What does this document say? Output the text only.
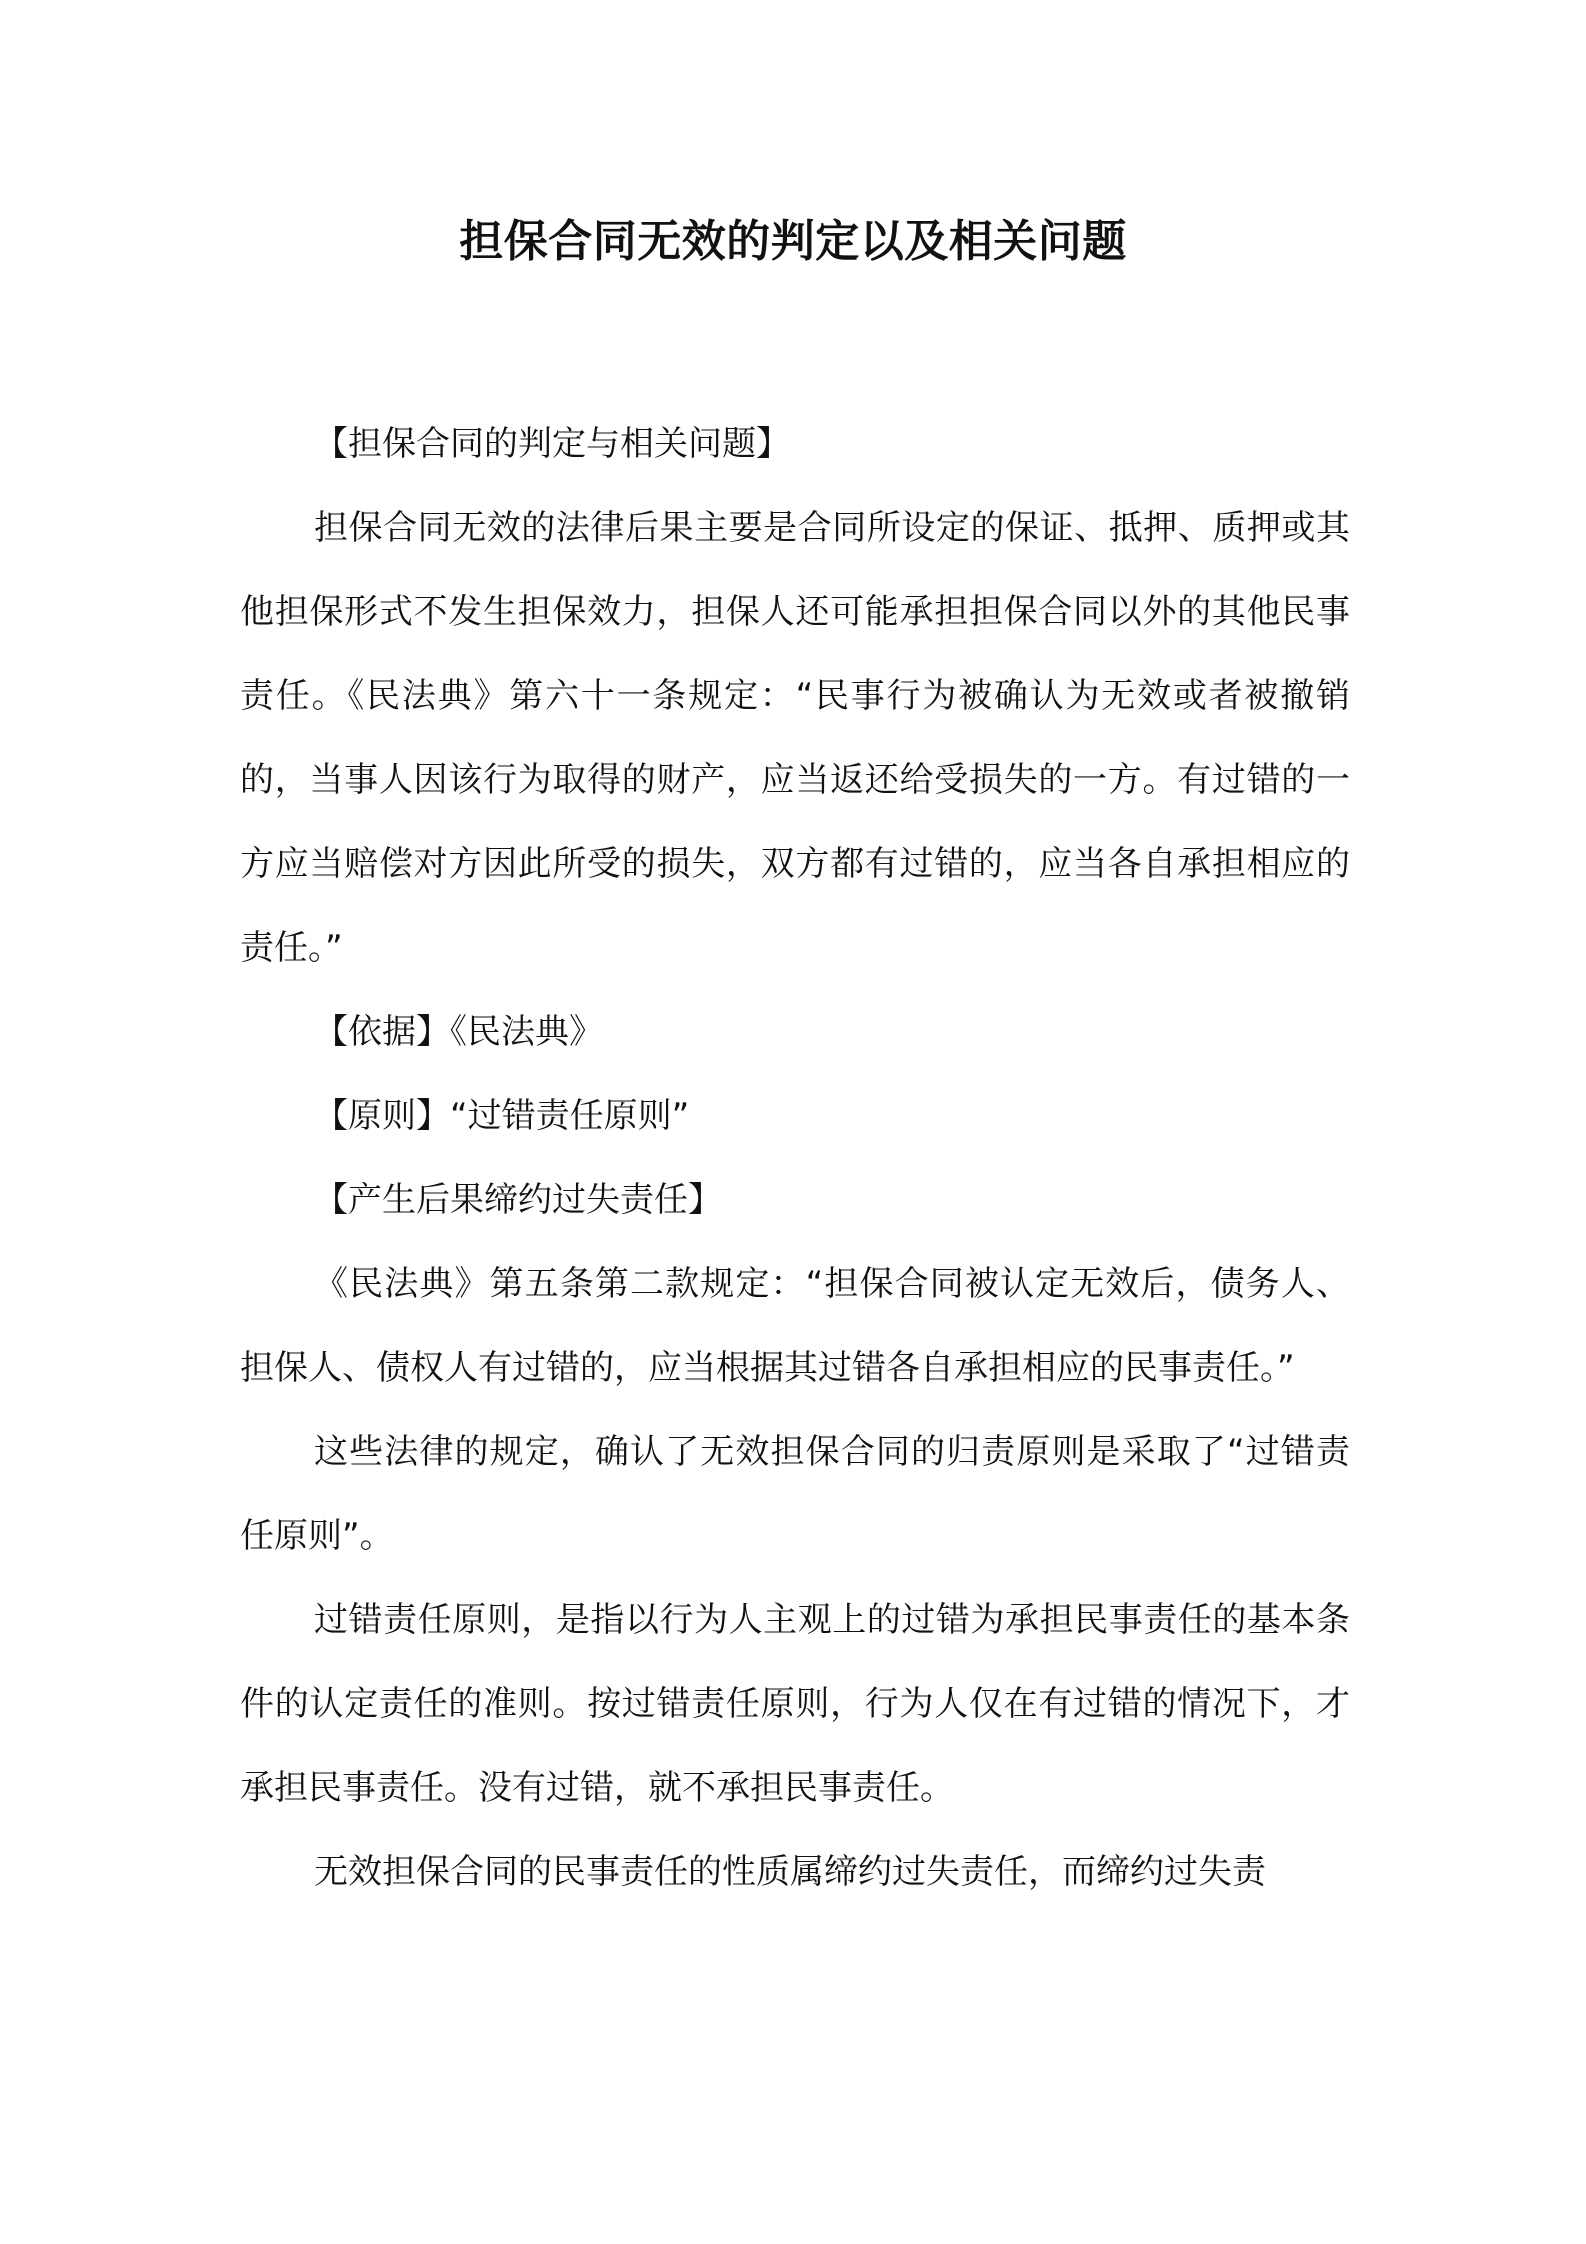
担保合同无效的判定以及相关问题

【担保合同的判定与相关问题】

担保合同无效的法律后果主要是合同所设定的保证、抵押、质押或其他担保形式不发生担保效力，担保人还可能承担担保合同以外的其他民事责任。《民法典》第六十一条规定：“民事行为被确认为无效或者被撤销的，当事人因该行为取得的财产，应当返还给受损失的一方。有过错的一方应当赔偿对方因此所受的损失，双方都有过错的，应当各自承担相应的责任。”

【依据】《民法典》

【原则】“过错责任原则”

【产生后果缔约过失责任】

《民法典》第五条第二款规定：“担保合同被认定无效后，债务人、担保人、债权人有过错的，应当根据其过错各自承担相应的民事责任。”

这些法律的规定，确认了无效担保合同的归责原则是采取了“过错责任原则”。

过错责任原则，是指以行为人主观上的过错为承担民事责任的基本条件的认定责任的准则。按过错责任原则，行为人仅在有过错的情况下，才承担民事责任。没有过错，就不承担民事责任。

无效担保合同的民事责任的性质属缔约过失责任，而缔约过失责
